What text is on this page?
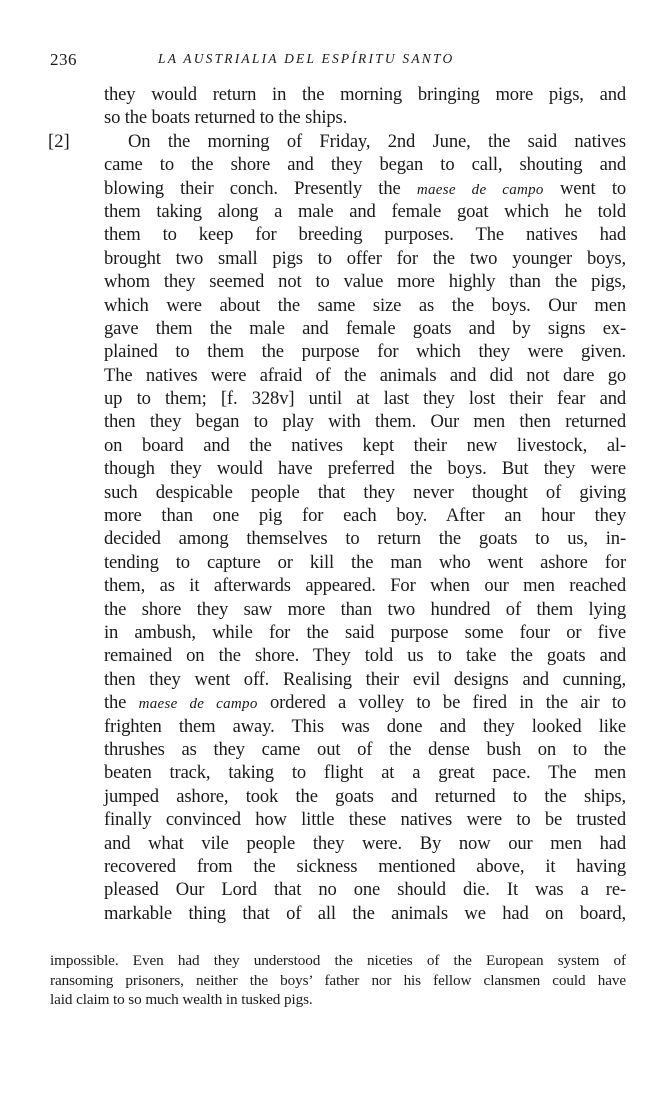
236	LA AUSTRIALIA DEL ESPÍRITU SANTO
they would return in the morning bringing more pigs, and
so the boats returned to the ships.
[2]	On the morning of Friday, 2nd June, the said natives
came to the shore and they began to call, shouting and
blowing their conch. Presently the maese de campo went to
them taking along a male and female goat which he told
them to keep for breeding purposes. The natives had
brought two small pigs to offer for the two younger boys,
whom they seemed not to value more highly than the pigs,
which were about the same size as the boys. Our men
gave them the male and female goats and by signs ex-
plained to them the purpose for which they were given.
The natives were afraid of the animals and did not dare go
up to them; [f. 328v] until at last they lost their fear and
then they began to play with them. Our men then returned
on board and the natives kept their new livestock, al-
though they would have preferred the boys. But they were
such despicable people that they never thought of giving
more than one pig for each boy. After an hour they
decided among themselves to return the goats to us, in-
tending to capture or kill the man who went ashore for
them, as it afterwards appeared. For when our men reached
the shore they saw more than two hundred of them lying
in ambush, while for the said purpose some four or five
remained on the shore. They told us to take the goats and
then they went off. Realising their evil designs and cunning,
the maese de campo ordered a volley to be fired in the air to
frighten them away. This was done and they looked like
thrushes as they came out of the dense bush on to the
beaten track, taking to flight at a great pace. The men
jumped ashore, took the goats and returned to the ships,
finally convinced how little these natives were to be trusted
and what vile people they were. By now our men had
recovered from the sickness mentioned above, it having
pleased Our Lord that no one should die. It was a re-
markable thing that of all the animals we had on board,
impossible. Even had they understood the niceties of the European system of
ransoming prisoners, neither the boys’ father nor his fellow clansmen could have
laid claim to so much wealth in tusked pigs.
